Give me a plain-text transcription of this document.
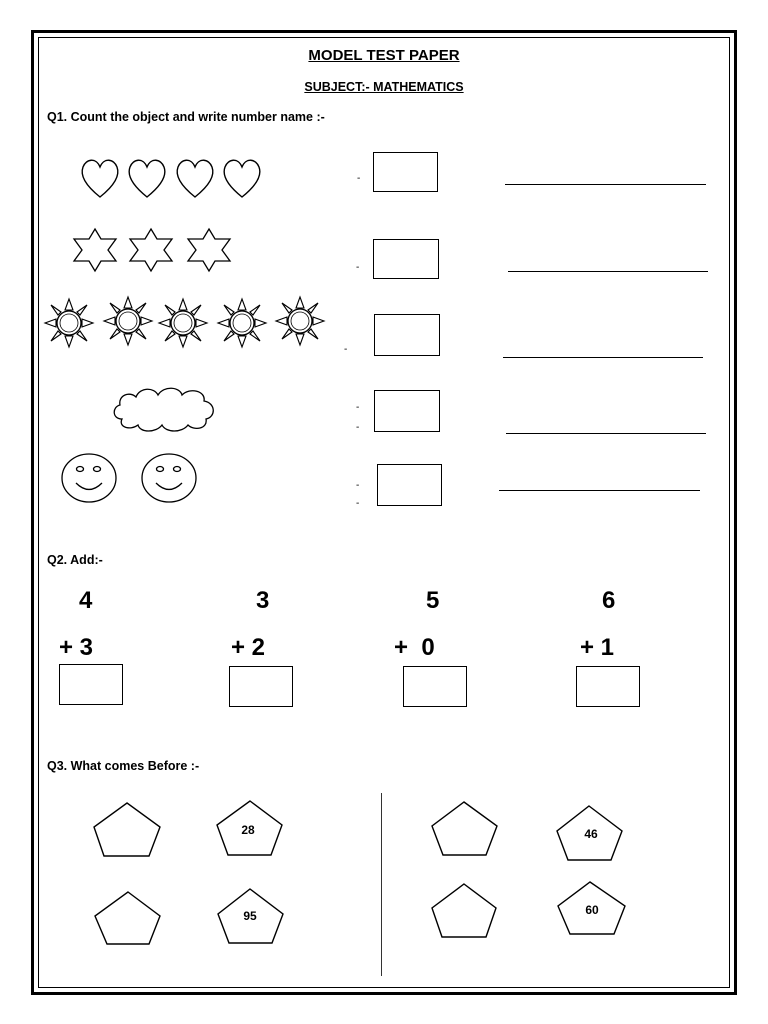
MODEL TEST PAPER
SUBJECT:- MATHEMATICS
Q1. Count the object and write number name :-
-
-
-
-
-
-
-
Q2. Add:-
4
+ 3
3
+ 2
5
+  0
6
+ 1
Q3. What comes Before :-
28
95
46
60
